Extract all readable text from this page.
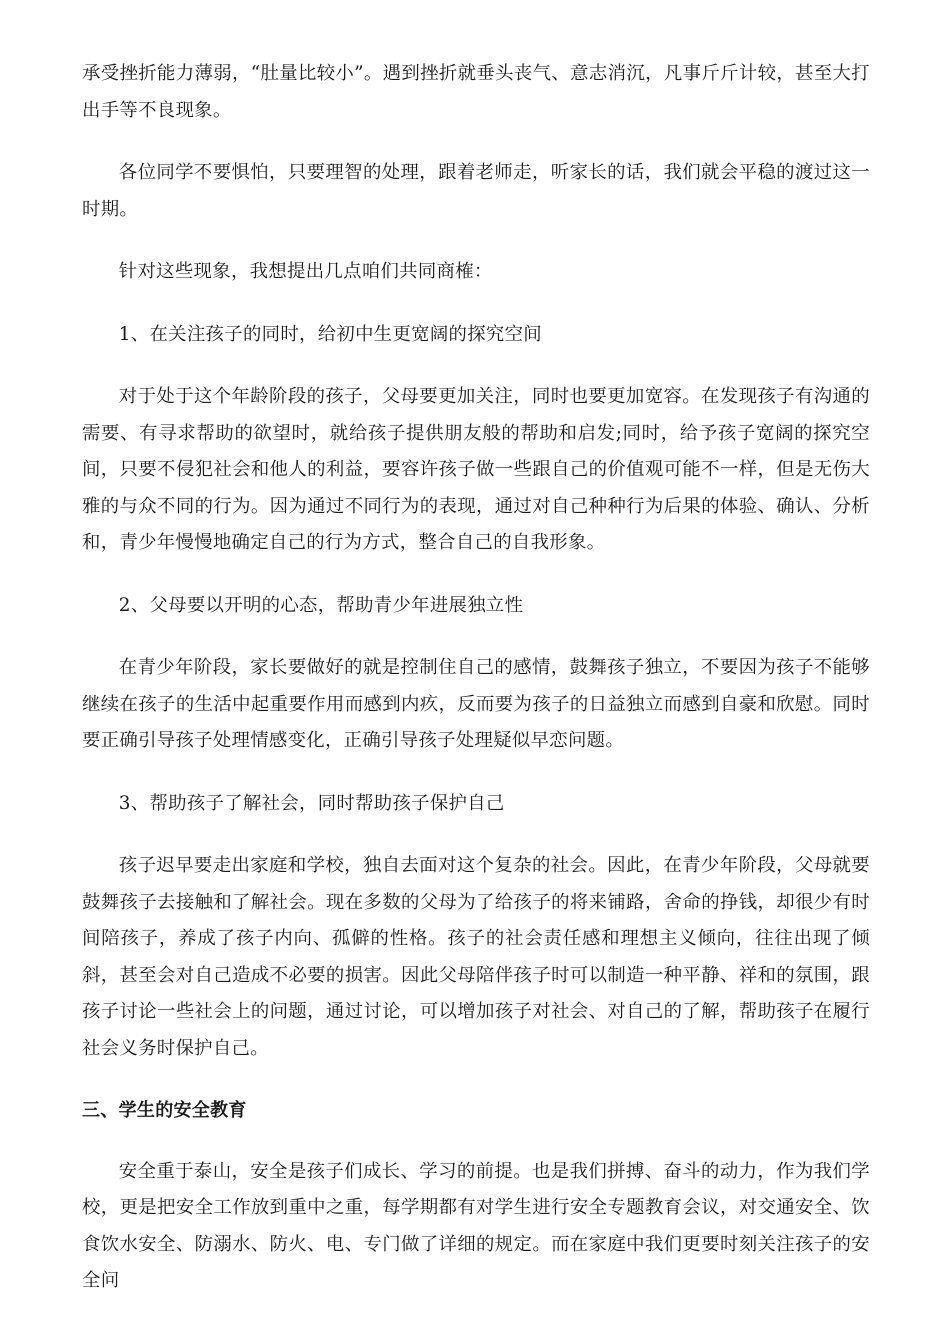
承受挫折能力薄弱，“肚量比较小”。遇到挫折就垂头丧气、意志消沉，凡事斤斤计较，甚至大打出手等不良现象。

各位同学不要惧怕，只要理智的处理，跟着老师走，听家长的话，我们就会平稳的渡过这一时期。

针对这些现象，我想提出几点咱们共同商榷：

1、在关注孩子的同时，给初中生更宽阔的探究空间

对于处于这个年龄阶段的孩子，父母要更加关注，同时也要更加宽容。在发现孩子有沟通的需要、有寻求帮助的欲望时，就给孩子提供朋友般的帮助和启发;同时，给予孩子宽阔的探究空间，只要不侵犯社会和他人的利益，要容许孩子做一些跟自己的价值观可能不一样，但是无伤大雅的与众不同的行为。因为通过不同行为的表现，通过对自己种种行为后果的体验、确认、分析和，青少年慢慢地确定自己的行为方式，整合自己的自我形象。

2、父母要以开明的心态，帮助青少年进展独立性

在青少年阶段，家长要做好的就是控制住自己的感情，鼓舞孩子独立，不要因为孩子不能够继续在孩子的生活中起重要作用而感到内疚，反而要为孩子的日益独立而感到自豪和欣慰。同时要正确引导孩子处理情感变化，正确引导孩子处理疑似早恋问题。

3、帮助孩子了解社会，同时帮助孩子保护自己

孩子迟早要走出家庭和学校，独自去面对这个复杂的社会。因此，在青少年阶段，父母就要鼓舞孩子去接触和了解社会。现在多数的父母为了给孩子的将来铺路，舍命的挣钱，却很少有时间陪孩子，养成了孩子内向、孤僻的性格。孩子的社会责任感和理想主义倾向，往往出现了倾斜，甚至会对自己造成不必要的损害。因此父母陪伴孩子时可以制造一种平静、祥和的氛围，跟孩子讨论一些社会上的问题，通过讨论，可以增加孩子对社会、对自己的了解，帮助孩子在履行社会义务时保护自己。

三、学生的安全教育

安全重于泰山，安全是孩子们成长、学习的前提。也是我们拼搏、奋斗的动力，作为我们学校，更是把安全工作放到重中之重，每学期都有对学生进行安全专题教育会议，对交通安全、饮食饮水安全、防溺水、防火、电、专门做了详细的规定。而在家庭中我们更要时刻关注孩子的安全问
